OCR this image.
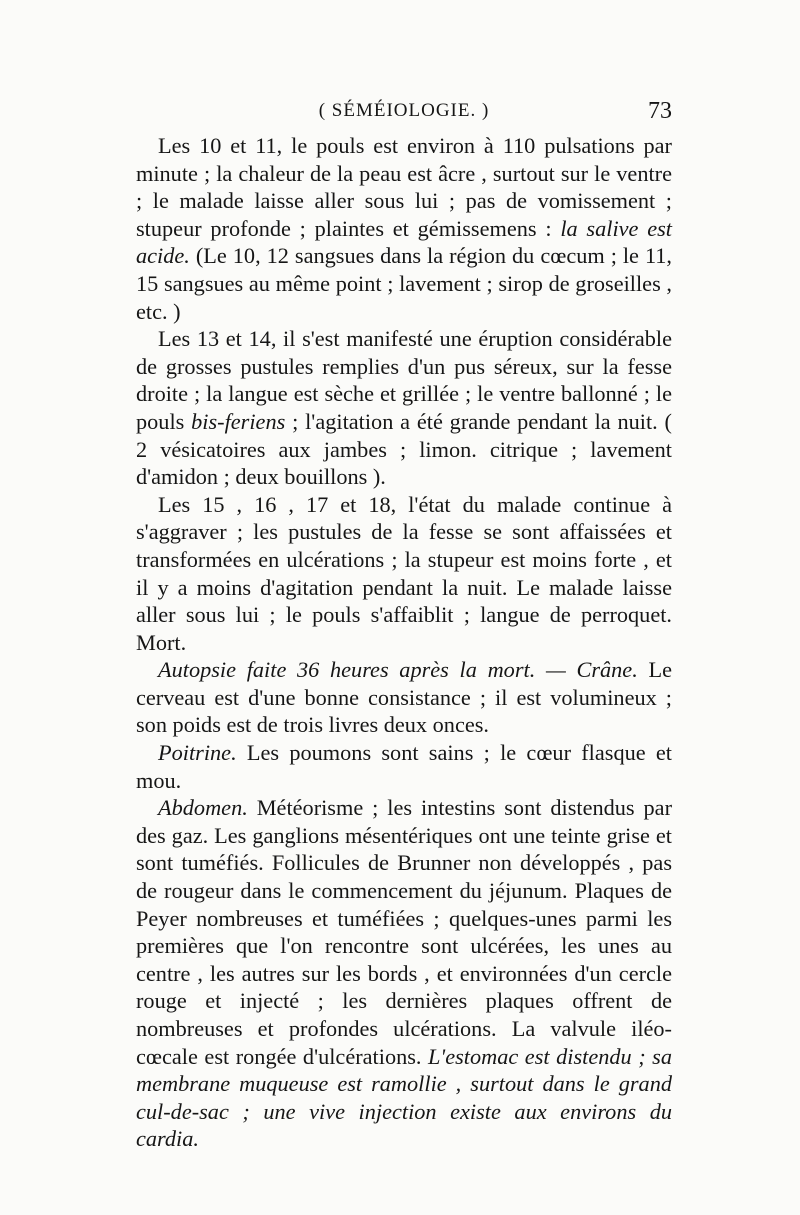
( SÉMÉIOLOGIE. )	73

Les 10 et 11, le pouls est environ à 110 pulsations par minute ; la chaleur de la peau est âcre , surtout sur le ventre ; le malade laisse aller sous lui ; pas de vomissement ; stupeur profonde ; plaintes et gémissemens : la salive est acide. (Le 10, 12 sangsues dans la région du cœcum ; le 11, 15 sangsues au même point ; lavement ; sirop de groseilles , etc. )

Les 13 et 14, il s'est manifesté une éruption considérable de grosses pustules remplies d'un pus séreux, sur la fesse droite ; la langue est sèche et grillée ; le ventre ballonné ; le pouls bis-feriens ; l'agitation a été grande pendant la nuit. ( 2 vésicatoires aux jambes ; limon. citrique ; lavement d'amidon ; deux bouillons ).

Les 15 , 16 , 17 et 18, l'état du malade continue à s'aggraver ; les pustules de la fesse se sont affaissées et transformées en ulcérations ; la stupeur est moins forte , et il y a moins d'agitation pendant la nuit. Le malade laisse aller sous lui ; le pouls s'affaiblit ; langue de perroquet. Mort.

Autopsie faite 36 heures après la mort. — Crâne. Le cerveau est d'une bonne consistance ; il est volumineux ; son poids est de trois livres deux onces.

Poitrine. Les poumons sont sains ; le cœur flasque et mou.

Abdomen. Météorisme ; les intestins sont distendus par des gaz. Les ganglions mésentériques ont une teinte grise et sont tuméfiés. Follicules de Brunner non développés , pas de rougeur dans le commencement du jéjunum. Plaques de Peyer nombreuses et tuméfiées ; quelques-unes parmi les premières que l'on rencontre sont ulcérées, les unes au centre , les autres sur les bords , et environnées d'un cercle rouge et injecté ; les dernières plaques offrent de nombreuses et profondes ulcérations. La valvule iléo-cœcale est rongée d'ulcérations. L'estomac est distendu ; sa membrane muqueuse est ramollie , surtout dans le grand cul-de-sac ; une vive injection existe aux environs du cardia.
